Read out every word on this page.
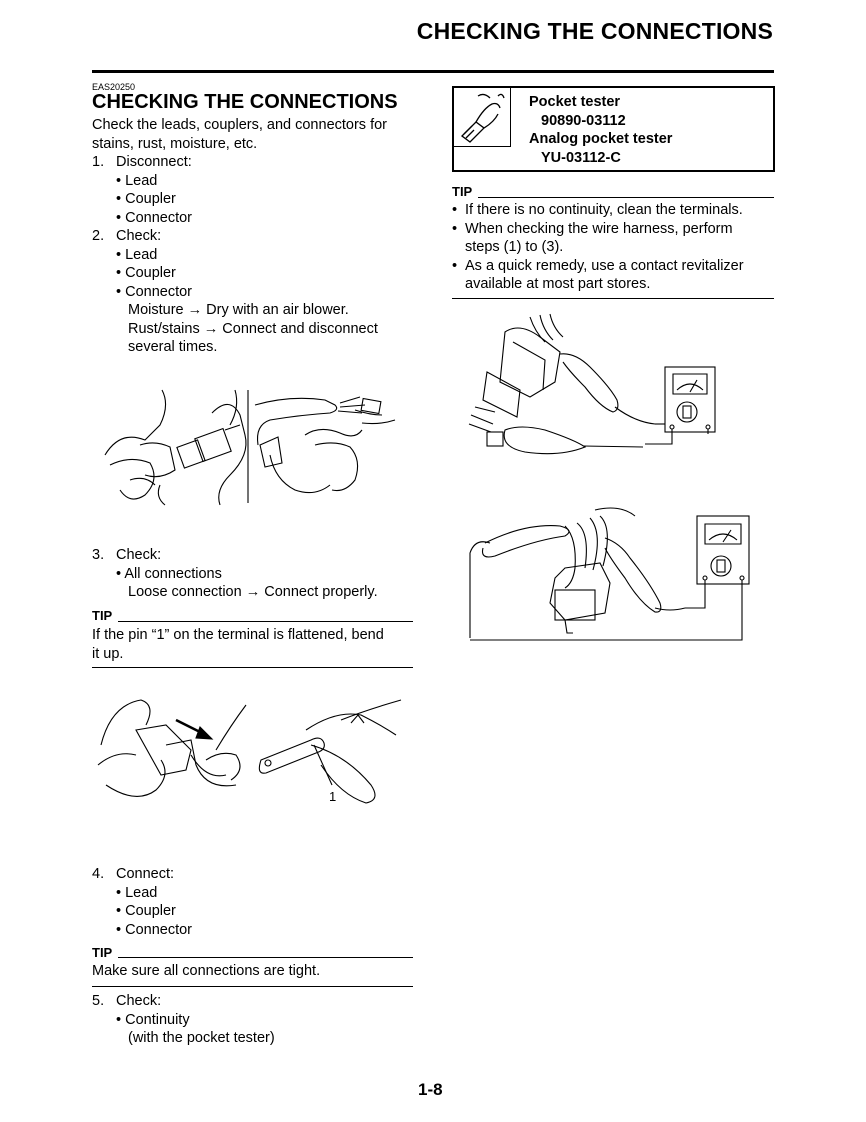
CHECKING THE CONNECTIONS
EAS20250
CHECKING THE CONNECTIONS
Check the leads, couplers, and connectors for
stains, rust, moisture, etc.
1. Disconnect:
• Lead
• Coupler
• Connector
2. Check:
• Lead
• Coupler
• Connector
Moisture → Dry with an air blower.
Rust/stains → Connect and disconnect
several times.
3. Check:
• All connections
Loose connection → Connect properly.
TIP
If the pin “1” on the terminal is flattened, bend
it up.
1
4. Connect:
• Lead
• Coupler
• Connector
TIP
Make sure all connections are tight.
5. Check:
• Continuity
(with the pocket tester)
Pocket tester
90890-03112
Analog pocket tester
YU-03112-C
TIP
• If there is no continuity, clean the terminals.
• When checking the wire harness, perform
steps (1) to (3).
• As a quick remedy, use a contact revitalizer
available at most part stores.
1-8
